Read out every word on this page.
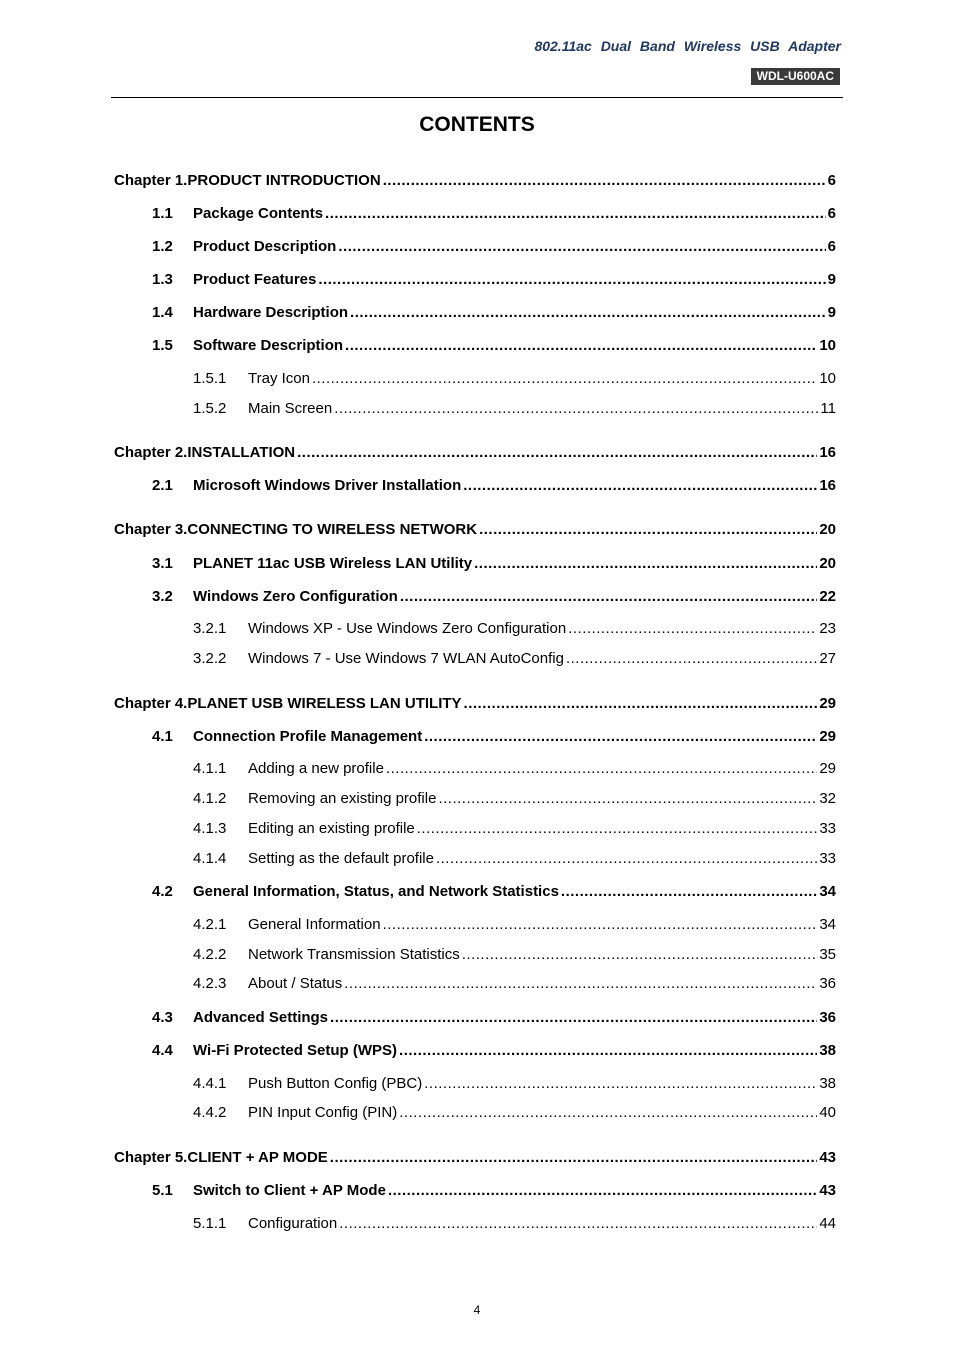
802.11ac Dual Band Wireless USB Adapter
WDL-U600AC
CONTENTS
Chapter 1. PRODUCT INTRODUCTION .....	6
1.1	Package Contents .....	6
1.2	Product Description .....	6
1.3	Product Features .....	9
1.4	Hardware Description .....	9
1.5	Software Description .....	10
1.5.1	Tray Icon .....	10
1.5.2	Main Screen .....	11
Chapter 2. INSTALLATION .....	16
2.1	Microsoft Windows Driver Installation .....	16
Chapter 3. CONNECTING TO WIRELESS NETWORK .....	20
3.1	PLANET 11ac USB Wireless LAN Utility .....	20
3.2	Windows Zero Configuration .....	22
3.2.1	Windows XP - Use Windows Zero Configuration .....	23
3.2.2	Windows 7 - Use Windows 7 WLAN AutoConfig .....	27
Chapter 4. PLANET USB WIRELESS LAN UTILITY .....	29
4.1	Connection Profile Management .....	29
4.1.1	Adding a new profile .....	29
4.1.2	Removing an existing profile .....	32
4.1.3	Editing an existing profile .....	33
4.1.4	Setting as the default profile .....	33
4.2	General Information, Status, and Network Statistics .....	34
4.2.1	General Information .....	34
4.2.2	Network Transmission Statistics .....	35
4.2.3	About / Status .....	36
4.3	Advanced Settings .....	36
4.4	Wi-Fi Protected Setup (WPS) .....	38
4.4.1	Push Button Config (PBC) .....	38
4.4.2	PIN Input Config (PIN) .....	40
Chapter 5. CLIENT + AP MODE .....	43
5.1	Switch to Client + AP Mode .....	43
5.1.1	Configuration .....	44
4
